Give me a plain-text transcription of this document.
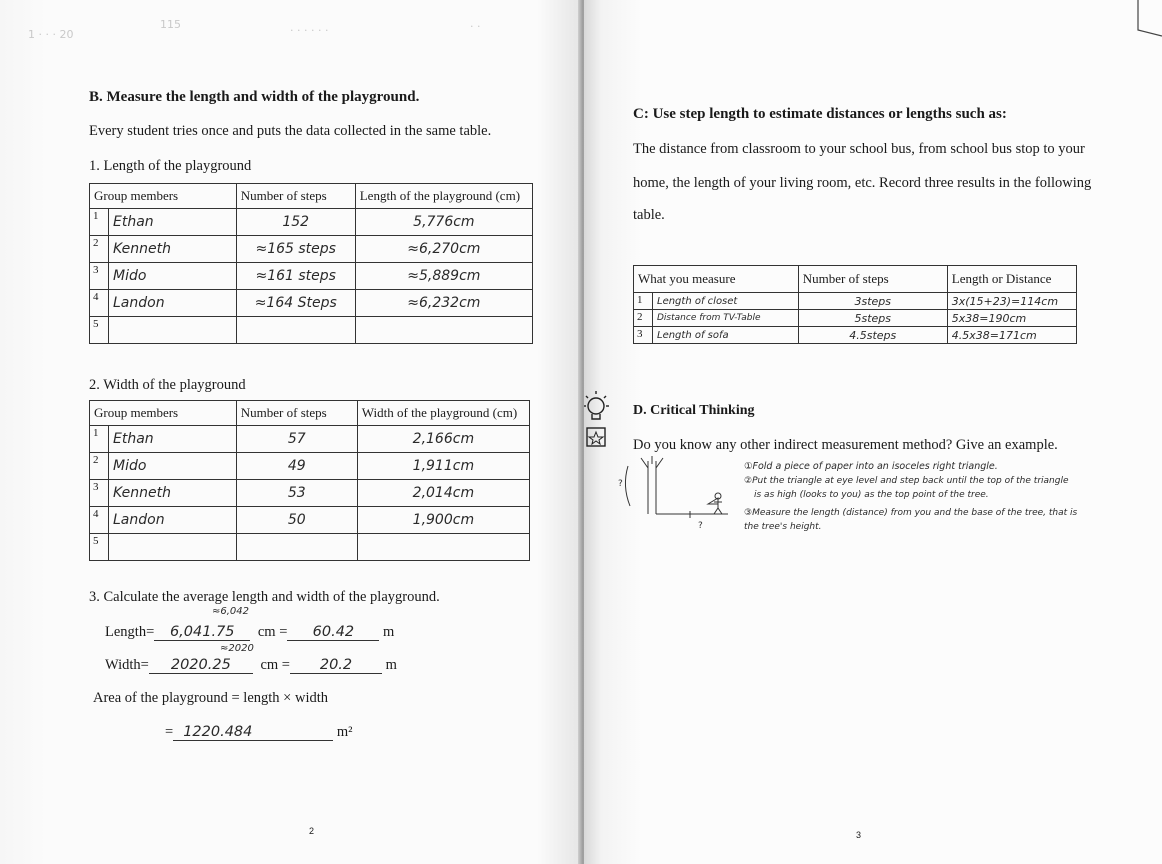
1 · · · 20
115	· · · · · ·	· ·
B. Measure the length and width of the playground.
Every student tries once and puts the data collected in the same table.
1. Length of the playground
Group members		Number of steps	Length of the playground (cm)
1	Ethan	152	5,776cm
2	Kenneth	≈165 steps	≈6,270cm
3	Mido	≈161 steps	≈5,889cm
4	Landon	≈164 Steps	≈6,232cm
5			
2. Width of the playground
Group members		Number of steps	Width of the playground (cm)
1	Ethan	57	2,166cm
2	Mido	49	1,911cm
3	Kenneth	53	2,014cm
4	Landon	50	1,900cm
5			
3. Calculate the average length and width of the playground.
≈6,042
Length= 6,041.75 cm = 60.42 m
≈2020
Width= 2020.25 cm = 20.2 m
Area of the playground = length × width
= 1220.484	m²
2
C: Use step length to estimate distances or lengths such as:
The distance from classroom to your school bus, from school bus stop to your
home, the length of your living room, etc. Record three results in the following
table.
What you measure		Number of steps	Length or Distance
1	Length of closet	3steps	3x(15+23)=114cm
2	Distance from TV-Table	5steps	5x38=190cm
3	Length of sofa	4.5steps	4.5x38=171cm
D. Critical Thinking
Do you know any other indirect measurement method? Give an example.
?
?
①Fold a piece of paper into an isoceles right triangle.
②Put the triangle at eye level and step back until the top of the triangle
is as high (looks to you) as the top point of the tree.
③Measure the length (distance) from you and the base of the tree, that is
the tree's height.
3
